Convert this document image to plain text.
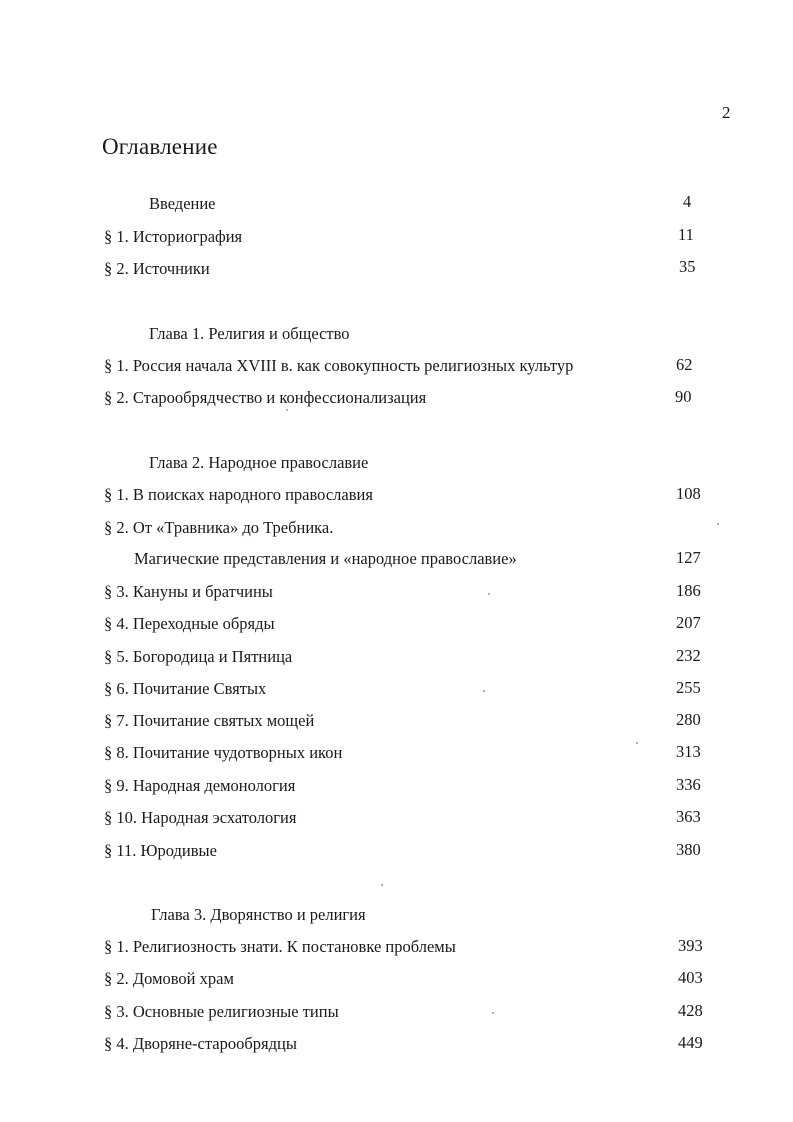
2
Оглавление
Введение	4
§ 1. Историография	11
§ 2. Источники	35
Глава 1. Религия и общество
§ 1. Россия начала XVIII в. как совокупность религиозных культур	62
§ 2. Старообрядчество и конфессионализация	90
Глава 2. Народное православие
§ 1. В поисках народного православия	108
§ 2. От «Травника» до Требника.
Магические представления и «народное православие»	127
§ 3. Кануны и братчины	186
§ 4. Переходные обряды	207
§ 5. Богородица и Пятница	232
§ 6. Почитание Святых	255
§ 7. Почитание святых мощей	280
§ 8. Почитание чудотворных икон	313
§ 9. Народная демонология	336
§ 10. Народная эсхатология	363
§ 11. Юродивые	380
Глава 3. Дворянство и религия
§ 1. Религиозность знати. К постановке проблемы	393
§ 2. Домовой храм	403
§ 3. Основные религиозные типы	428
§ 4. Дворяне-старообрядцы	449
